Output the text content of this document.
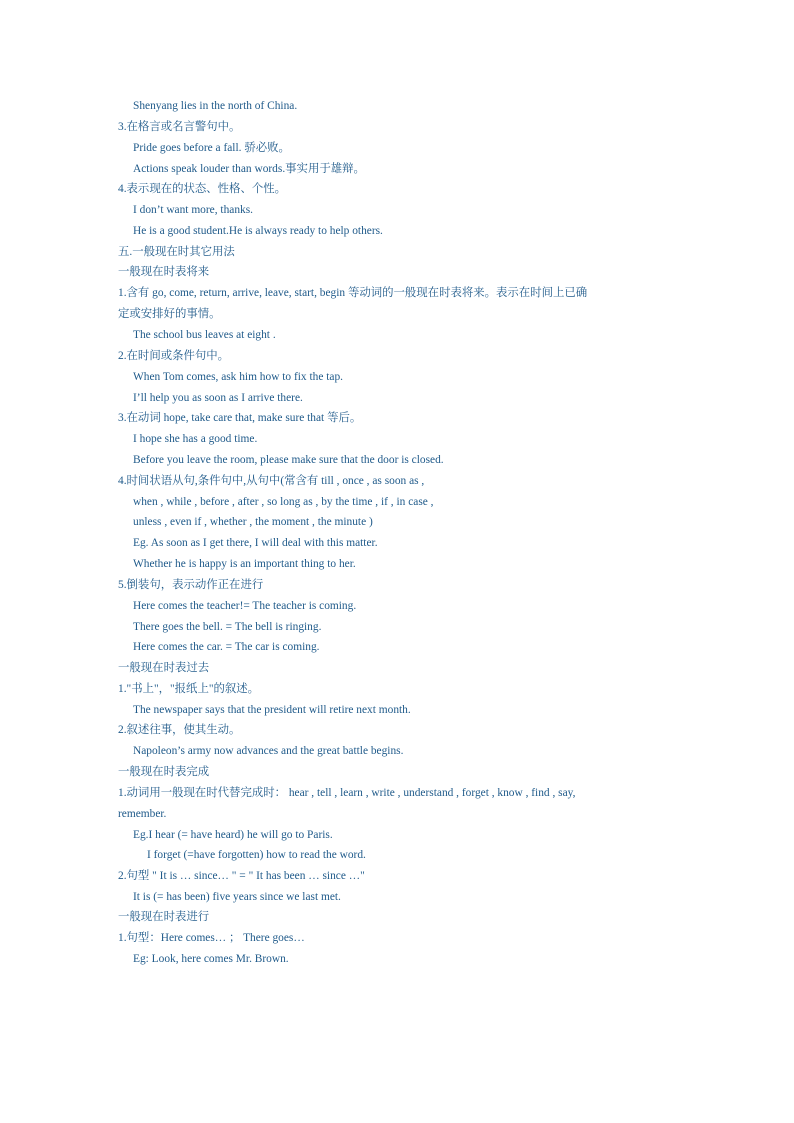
Shenyang lies in the north of China.
3.在格言或名言警句中。
Pride goes before a fall. 骄必败。
Actions speak louder than words.事实用于雄辩。
4.表示现在的状态、性格、个性。
I don’t want more, thanks.
He is a good student.He is always ready to help others.
五.一般现在时其它用法
一般现在时表将来
1.含有 go, come, return, arrive, leave, start, begin 等动词的一般现在时表将来。表示在时间上已确
定或安排好的事情。
The school bus leaves at eight .
2.在时间或条件句中。
When Tom comes, ask him how to fix the tap.
I’ll help you as soon as I arrive there.
3.在动词 hope, take care that, make sure that 等后。
I hope she has a good time.
Before you leave the room, please make sure that the door is closed.
4.时间状语从句,条件句中,从句中(常含有 till , once , as soon as ,
when , while , before , after , so long as , by the time , if , in case ,
unless , even if , whether , the moment , the minute )
Eg. As soon as I get there, I will deal with this matter.
Whether he is happy is an important thing to her.
5.倒装句，表示动作正在进行
Here comes the teacher!= The teacher is coming.
There goes the bell. = The bell is ringing.
Here comes the car. = The car is coming.
一般现在时表过去
1."书上"，"报纸上"的叙述。
The newspaper says that the president will retire next month.
2.叙述往事，使其生动。
Napoleon’s army now advances and the great battle begins.
一般现在时表完成
1.动词用一般现在时代替完成时： hear , tell , learn , write , understand , forget , know , find , say,
remember.
Eg.I hear (= have heard) he will go to Paris.
I forget (=have forgotten) how to read the word.
2.句型 " It is … since… " = " It has been … since …"
It is (= has been) five years since we last met.
一般现在时表进行
1.句型：Here comes… ； There goes…
Eg: Look, here comes Mr. Brown.
